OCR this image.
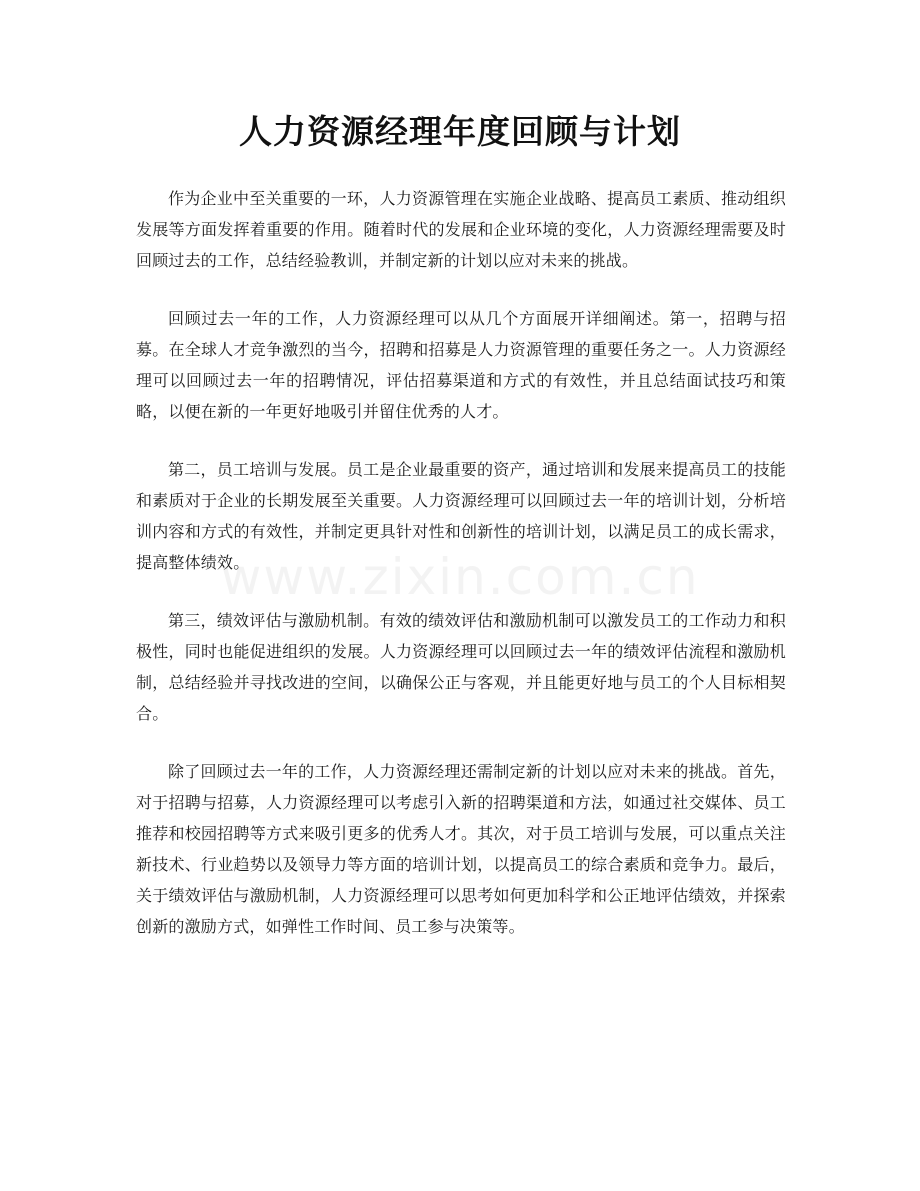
人力资源经理年度回顾与计划

作为企业中至关重要的一环，人力资源管理在实施企业战略、提高员工素质、推动组织发展等方面发挥着重要的作用。随着时代的发展和企业环境的变化，人力资源经理需要及时回顾过去的工作，总结经验教训，并制定新的计划以应对未来的挑战。

回顾过去一年的工作，人力资源经理可以从几个方面展开详细阐述。第一，招聘与招募。在全球人才竞争激烈的当今，招聘和招募是人力资源管理的重要任务之一。人力资源经理可以回顾过去一年的招聘情况，评估招募渠道和方式的有效性，并且总结面试技巧和策略，以便在新的一年更好地吸引并留住优秀的人才。

第二，员工培训与发展。员工是企业最重要的资产，通过培训和发展来提高员工的技能和素质对于企业的长期发展至关重要。人力资源经理可以回顾过去一年的培训计划，分析培训内容和方式的有效性，并制定更具针对性和创新性的培训计划，以满足员工的成长需求，提高整体绩效。

第三，绩效评估与激励机制。有效的绩效评估和激励机制可以激发员工的工作动力和积极性，同时也能促进组织的发展。人力资源经理可以回顾过去一年的绩效评估流程和激励机制，总结经验并寻找改进的空间，以确保公正与客观，并且能更好地与员工的个人目标相契合。

除了回顾过去一年的工作，人力资源经理还需制定新的计划以应对未来的挑战。首先，对于招聘与招募，人力资源经理可以考虑引入新的招聘渠道和方法，如通过社交媒体、员工推荐和校园招聘等方式来吸引更多的优秀人才。其次，对于员工培训与发展，可以重点关注新技术、行业趋势以及领导力等方面的培训计划，以提高员工的综合素质和竞争力。最后，关于绩效评估与激励机制，人力资源经理可以思考如何更加科学和公正地评估绩效，并探索创新的激励方式，如弹性工作时间、员工参与决策等。

www.zixin.com.cn
